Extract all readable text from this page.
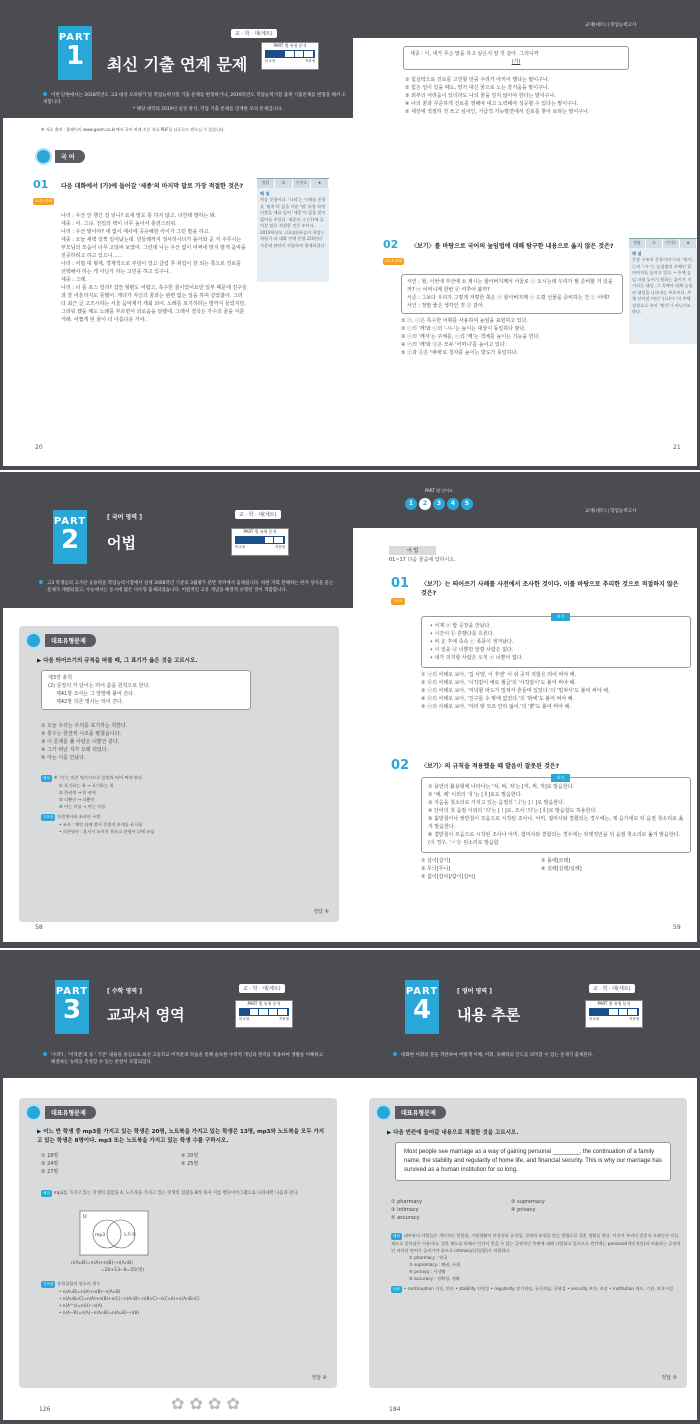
PART
1
교 · 학 · 대(세트)
최신 기출 연계 문제
PART 별 유형 분석
비교형	적용형
이번 단원에서는 2018학년도 고3 대상 모의평가 및 학업능력시험 기출 문제를 변형하거나, 2019학년도 학업능력시험 출제 기출문제를 변형을 해서 소개합니다.
* 해당 대학의 2019년 실질 방식, 작업 기출 문제를 연계한 모의 문제입니다.
※ 자료 출처 : 홈페이지 www.gosm.co.kr에서 국어 연계 지문 자료 PDF를 다운로드 받으실 수 있습니다.
국 어
01
2019 출제
다음 대화에서 (가)에 들어갈 '세종'의 마지막 말로 가장 적절한 것은?
나리 : 우산 안 챙긴 걸 잊니? 요새 말도 통 하지 않고. 너한테 말하는 봐.
세종 : 어. 그냐. 친일의 벽이 너무 높아서 충전스러워.
나리 : 우산 말이야? 네 없이 매사에 공유해한 아이가 그런 말을 하고.
세종 : 오늘 새벽 일찍 일어났는데. 민들레까지 정사하시다가 돌아와 곧 겨 주무시는 부모님의 모습이 너무 고달파 보였어. 그런데 나는 우산 없이 어쩌네 맞지 말게 음악을 전공하려고 하고 있으니……
나리 : 어릴 대 형제, 경제적으로 부담이 얼고 클럽 후 취업이 잘 되는 쪽으로 진로를 선택해야 하는 게 아닌가 하는 고민을 하고 있구나.
세종 : 그래.
나리 : 너 를 포스 얼리? 집안 형편도 어렵고, 혹수한 꿈이었어요만 일부 때문에 친구들과 잘 어울리지도 못했어. 게다가 자신의 꿈과는 관련 없는 일을 하며 살았잖아. 그러다 최근 글 고즈시라는 서울 음악제가 개최 되어. 노래를 포기하라는 말까지 들었지만, 그러워 했을 떼도 노래를 부르면서 외로움을 달랬대. 그래서 결국은 가수의 꿈을 이룬거래. 어쩜게 된 꿈이 더 아름다운 거야.
정답	①	난이도	★
해 설
처음 문항이다. '나리'는 이제를 통경을 '펼치'의 꿈을 이룬 '펼' 유형 학생 이겠을 예를 들어 '세종'이 꿈을 말이 없어를 주었다. 세종이 그 (가)에 들어갈 말로 적절한 것은 ①이다. 2019학년도 고3대과학습의 학업능력평가 과 대화 연계 문항 2/3편의 가운데 판단이 적합하여 출제되었다.
20
교재(세트) | 학업능력고사
세종 : 이, 네가 무슨 말을 하고 싶은지 알 것 같아. 그리니까
(가)
① 힘실력으로 진로를 고민할 만큼 우리가 아끼이 했다는 말이구나.
② 힘든 일이 있을 때도, 망가 대신 꿈으로 노는 즐거움을 말이구나.
③ 외부의 어려움이 있더라도 나의 꿈을 잊지 않아야 한다는 말이구나.
④ 나의 꿈과 꾸준하게 진로를 정해야 대고 노력해야 성공할 수 있다는 말이구나.
⑤ 세상에 적절하 것 쓰고 싶어인, 가급적 가능방면에서 진로를 찾아 보라는 말이구나.
02
2019 출제
〈보기〉를 바탕으로 국어의 높임법에 대해 탐구한 내용으로 옳지 않은 것은?
서인 : 형, 이번에 부산에 ① 계시는 할아버지께서 서울로 ⓒ 오시는데 우리가 뭘 준비할 거 있을까? ⓔ 어머니께 한번 ⓓ 여쭈어 볼까?
서준 : 그보다 우리가 그렇게 저렇한 쪽은 ⓔ 할아버지께 ⓒ 드릴 선물을 준비하는 건 ⓕ 어때?
서인 : 정말 좋은 생각인 것 ⓖ 같아.
① ⓔ, ⓒ은 특수한 어휘를 사용하여 높임을 표현하고 있다.
② ⓒ의 '께'와 ⓒ의 '-시-'는 높이는 대상이 동일하다 쌓다.
③ ⓒ의 '께서'는 주체를, ⓒ의 '께'는 객체를 높이는 기능을 한다.
④ ⓔ의 '께'와 ⓓ은 모두 '어머니'를 높이고 있다.
⑤ ⓕ과 ⓖ은 '예예'로 청자를 높이는 방도가 동일하다.
정답	①	난이도	★
해 설
문장 구조의 문항이며 ⓑ의 '계시', ⓒ의 '-시-'는 높임법의 주체인 할아버지를 높이고 있다. • 주체 높임 파함 높이기 원하는 옳이가 지시되는 대상, 그 속에서 대체 높임된 대상을 나타내는 부호이다. 주체 선어말 어미 '-(으)시-'의 주체 실현으로 주어 '께서'가 아니기도 한다.
21
PART
2
[ 국어 영역 ]
어법
교 · 학 · 대(세트)
PART 별 유형 분석
비교형	적용형
고3 학생들의 고사단 응용력을 학업능력시험에서 실제 2008학년 기준의 3월평가 분반 영역에서 출제됩니다. 하한 지회 분해하는 한자 상식을 묻는
문제가 개발되었고, 수능에서는 동시에 많은 다수형 출제되었습니다. 어법적인 고유 개념을 해결적 유형된 것이 적합합니다.
대표유형문제
▶ 다음 띄어쓰기의 규칙을 따를 때, 그 표기가 옳은 것을 고르시오.
제3장 총칙
(2) 문장의 각 단어는 띄어 씀을 원칙으로 한다.
제41항 조사는 그 앞말에 붙여 쓴다.
제42항 의존 명사는 띄어 쓴다.
① 오늘 우리는 주의를 포기하는 척한다.
② 통수는 한권씩 시조를 펼쳤습니다.
③ 이 문제를 풀 사람은 너뿐인 같다.
④ 그가 떠난 지가 오래 되었다.
⑤ 아는 이를 만났다.
해설 ④ '지'는 의존 명사이므로 앞말과 띄어 써야 한다.
① 포기하는 척 → 포기하는 척
② 한권씩 → 한 권씩
③ 너뿐인 → 너뿐인
⑤ 아는 이를 → 아는 이를
기초점 의존명사와 조사의 구별
• 조사 : 체언 뒤에 붙어 문법적 관계를 표시함
• 의존명사 : 혼자서 쓰이지 못하고 관형어 뒤에 쓰임
정답 ④
58
1	2	3	4	5
PART 별 난이도
교재(세트) | 학업능력고사
어 법
01~17 다음 물음에 답하시오.
01
고난도
〈보기〉는 띄어쓰기 사례를 사전에서 조사한 것이다. 이를 바탕으로 추리한 것으로 적절하지 않은 것은?
보기
• 어제 ⓐ 밥 공장을 만났다.
• 시간이 ⓑ 흔했다를 흐른다.
• 비 온 후에 족속 ⓒ 폭풍이 생겨났다.
• 이 일을 ⓓ 너뿐만 알릴 사람은 없다.
• 내가 의지할 사람은 오직 ⓔ 너뿐이 없다.
① ⓐ의 사례로 보아, '집 사양, 이 후엔' 이 쉬 곳처 적합은 띄어 써야 해.
② ⓑ의 사례로 보아, '시작같이 예로 월급'의 '시작같이'도 붙여 써야 해.
③ ⓒ의 사례로 보아, '저녁할 파도가 밀쳐서 흔들며 일었다.'의 '밀쳐서'도 붙여 써야 해.
④ ⓓ의 사례로 보아, '친구를 수 밖에 없었다.'의 '밖에'도 붙여 써야 해.
⑤ ⓔ의 사례로 보아, '자리 밖 모르 안하 잃어.'의 '뿐'도 붙여 써야 해.
02	〈보기〉의 규칙을 적용했을 때 발음이 잘못된 것은?
보기
① 용언의 활용형에 나타나는 '져, 쪄, 쳐'는 [저, 쩌, 처]로 발음한다.
② '예, 례' 이외의 'ㅖ'는 [ㅔ]로도 발음한다.
③ 자음을 첫소리로 가지고 있는 음절의 'ㅢ'는 [ㅣ]로 발음한다.
④ 단어의 첫 음절 이외의 '의'는 [ㅣ]로, 조사 '의'는 [ㅔ]로 발음함도 허용한다.
⑤ 홑받침이나 쌍받침이 모음으로 시작된 조사나, 어미, 접미사와 결합되는 경우에는, 제 음가대로 뒤 음절 첫소리로 옮겨 발음한다.
⑥ 겹받침이 모음으로 시작된 조사나 어미, 접미사와 결합되는 경우에는 뒤엣것만을 뒤 음절 첫소리로 옮겨 발음한다. (이 경우, 'ㅅ'은 된소리로 발음함
① 살이[살기]
③ 무늬[무니]
⑤ 값이[갑씨]/값이[갑씨]
② 몰에[모레]
④ 실례[실레/실례]
59
PART
3
[ 수학 영역 ]
교과서 영역
교 · 학 · 대(세트)
PART 별 유형 분석
비교형	적용형
'수학'I , '미적분'의 등 ' 기본' 내용을 중심으로 최신 고등학교 미적분의 학습을 통해 습득한 수학적 개념과 원리를 적용하여 생활을 이해하고
해결하는 능력을 측정할 수 있는 문항이 포함되었다.
대표유형문제
▶ 어느 반 학생 중 mp3를 가지고 있는 학생은 20명, 노트북을 가지고 있는 학생은 13명, mp3와 노트북을 모두 가지고 있는 학생은 8명이다. mp3 또는 노트북을 가지고 있는 학생 수를 구하시오.
① 18명
③ 24명
⑤ 27명
② 20명
④ 25명
해설 mp3를 가지고 있는 학생의 집합을 A, 노트북을 가지고 있는 학생의 집합을 B라 하자 이를 벤다이어그램으로 나타내면 다음과 같다.
U
mp3	노트북
n(A∪B)=n(A)+n(B)−n(A∩B)
=20+13−8=25(명)
기초점 유한집합의 원소의 개수
• n(A∪B)=n(A)+n(B)−n(A∩B)
• n(A∪B∪C)=n(A)+n(B)+n(C)−n(A∩B)−n(B∩C)−n(C∩A)+n(A∩B∩C)
• n(A^c)=n(U)−n(A)
• n(A−B)=n(A)−n(A∩B)=n(A∪B)−n(B)
정답 ④
✿ ✿ ✿ ✿
126
PART
4
[ 영어 영역 ]
내용 추론
교 · 학 · 대(세트)
PART 별 유형 분석
비교형	적용형
대화한 어휘의 분을 객관하여 어떻게 이해, 어휘, 독해력의 인드를 의미할 수 있는 문제가 출제된다.
대표유형문제
▶ 다음 빈칸에 들어갈 내용으로 적절한 것을 고르시오.
Most people see marriage as a way of gaining personal ________, the continuation of a family name, the stability and regularity of home life, and financial security. This is why our marriage has survived as a human institution for so long.
① pharmacy
③ intimacy
⑤ accuracy
② supremacy
④ privacy
해설 대부분의 사람들은 개인적인 친밀함, 가정생활의 안정성과 규칙성, 경제적 보장을 얻는 방법으로 결혼 생활을 한다. 이것이 우리의 결혼이 오랜동안 인류 제도로 살아남은 이유이다. 결혼 제도를 통해서 인간이 얻을 수 있는 긍정적인 측면에 대해 나열하고 있으므로 빈칸에는 personal(개인적인)과 어울리는 긍정적인 의미의 단어가 들어가야 하므로 intimacy(친밀함)가 적절하다.
① pharmacy : 약국
② supremacy : 패권, 우위
④ privacy : 사생활
⑤ accuracy : 정확성, 정확
어휘 • continuation 지속, 연속 • stability 안정성 • regularity 정기적임, 규칙적임, 균형감 • security 보안, 보장 • institution 제도, 기관, 보호시설
정답 ③
184
